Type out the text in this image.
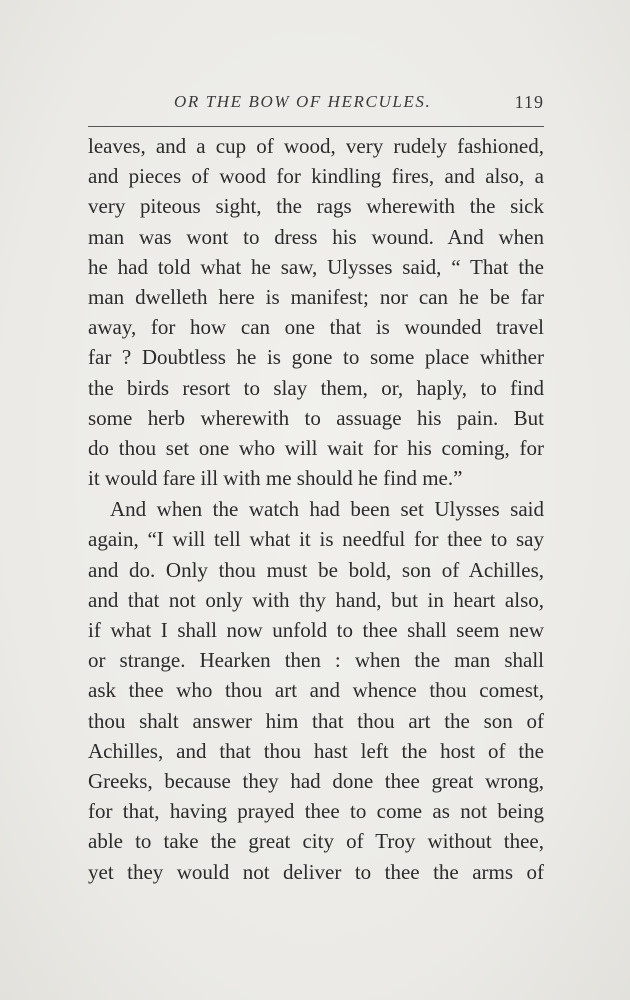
OR THE BOW OF HERCULES.	119
leaves, and a cup of wood, very rudely fashioned,
and pieces of wood for kindling fires, and also, a
very piteous sight, the rags wherewith the sick
man was wont to dress his wound. And when
he had told what he saw, Ulysses said, “ That the
man dwelleth here is manifest; nor can he be far
away, for how can one that is wounded travel
far ? Doubtless he is gone to some place whither
the birds resort to slay them, or, haply, to find
some herb wherewith to assuage his pain. But
do thou set one who will wait for his coming, for
it would fare ill with me should he find me.”
And when the watch had been set Ulysses said
again, “I will tell what it is needful for thee to say
and do. Only thou must be bold, son of Achilles,
and that not only with thy hand, but in heart also,
if what I shall now unfold to thee shall seem new
or strange. Hearken then : when the man shall
ask thee who thou art and whence thou comest,
thou shalt answer him that thou art the son of
Achilles, and that thou hast left the host of the
Greeks, because they had done thee great wrong,
for that, having prayed thee to come as not being
able to take the great city of Troy without thee,
yet they would not deliver to thee the arms of
